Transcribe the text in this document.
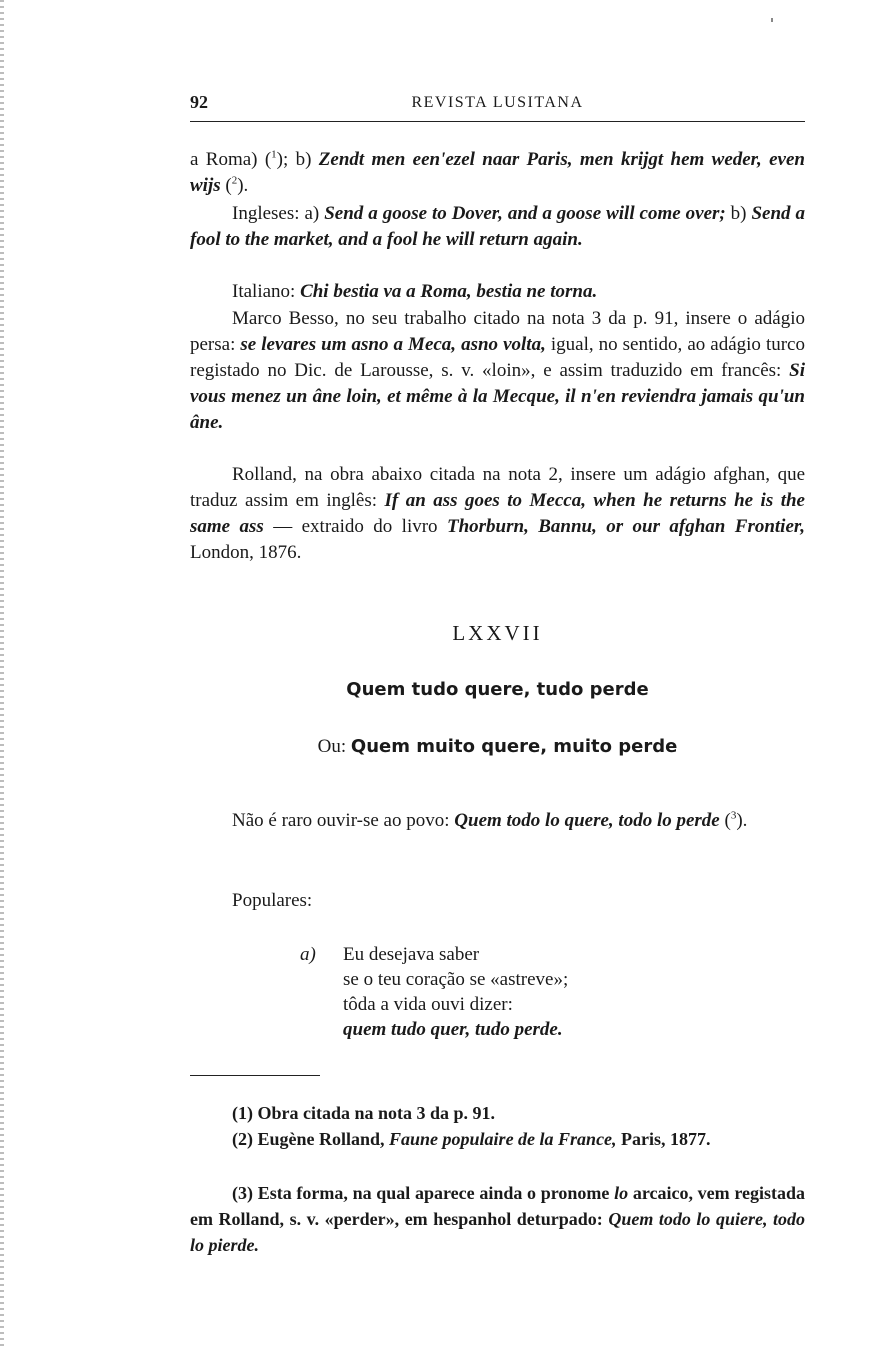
92	REVISTA LUSITANA
a Roma) ($^1$); b) Zendt men een'ezel naar Paris, men krijgt hem weder, even wijs ($^2$).
Ingleses: a) Send a goose to Dover, and a goose will come over; b) Send a fool to the market, and a fool he will return again.
Italiano: Chi bestia va a Roma, bestia ne torna.
Marco Besso, no seu trabalho citado na nota 3 da p. 91, insere o adágio persa: se levares um asno a Meca, asno volta, igual, no sentido, ao adágio turco registado no Dic. de Larousse, s. v. «loin», e assim traduzido em francês: Si vous menez un âne loin, et même à la Mecque, il n'en reviendra jamais qu'un âne.
Rolland, na obra abaixo citada na nota 2, insere um adágio afghan, que traduz assim em inglês: If an ass goes to Mecca, when he returns he is the same ass — extraido do livro Thorburn, Bannu, or our afghan Frontier, London, 1876.
LXXVII
Quem tudo quere, tudo perde
Ou: Quem muito quere, muito perde
Não é raro ouvir-se ao povo: Quem todo lo quere, todo lo perde ($^3$).
Populares:
a) Eu desejava saber
se o teu coração se «astreve»;
tôda a vida ouvi dizer:
quem tudo quer, tudo perde.
(1) Obra citada na nota 3 da p. 91.
(2) Eugène Rolland, Faune populaire de la France, Paris, 1877.
(3) Esta forma, na qual aparece ainda o pronome lo arcaico, vem registada em Rolland, s. v. «perder», em hespanhol deturpado: Quem todo lo quiere, todo lo pierde.
